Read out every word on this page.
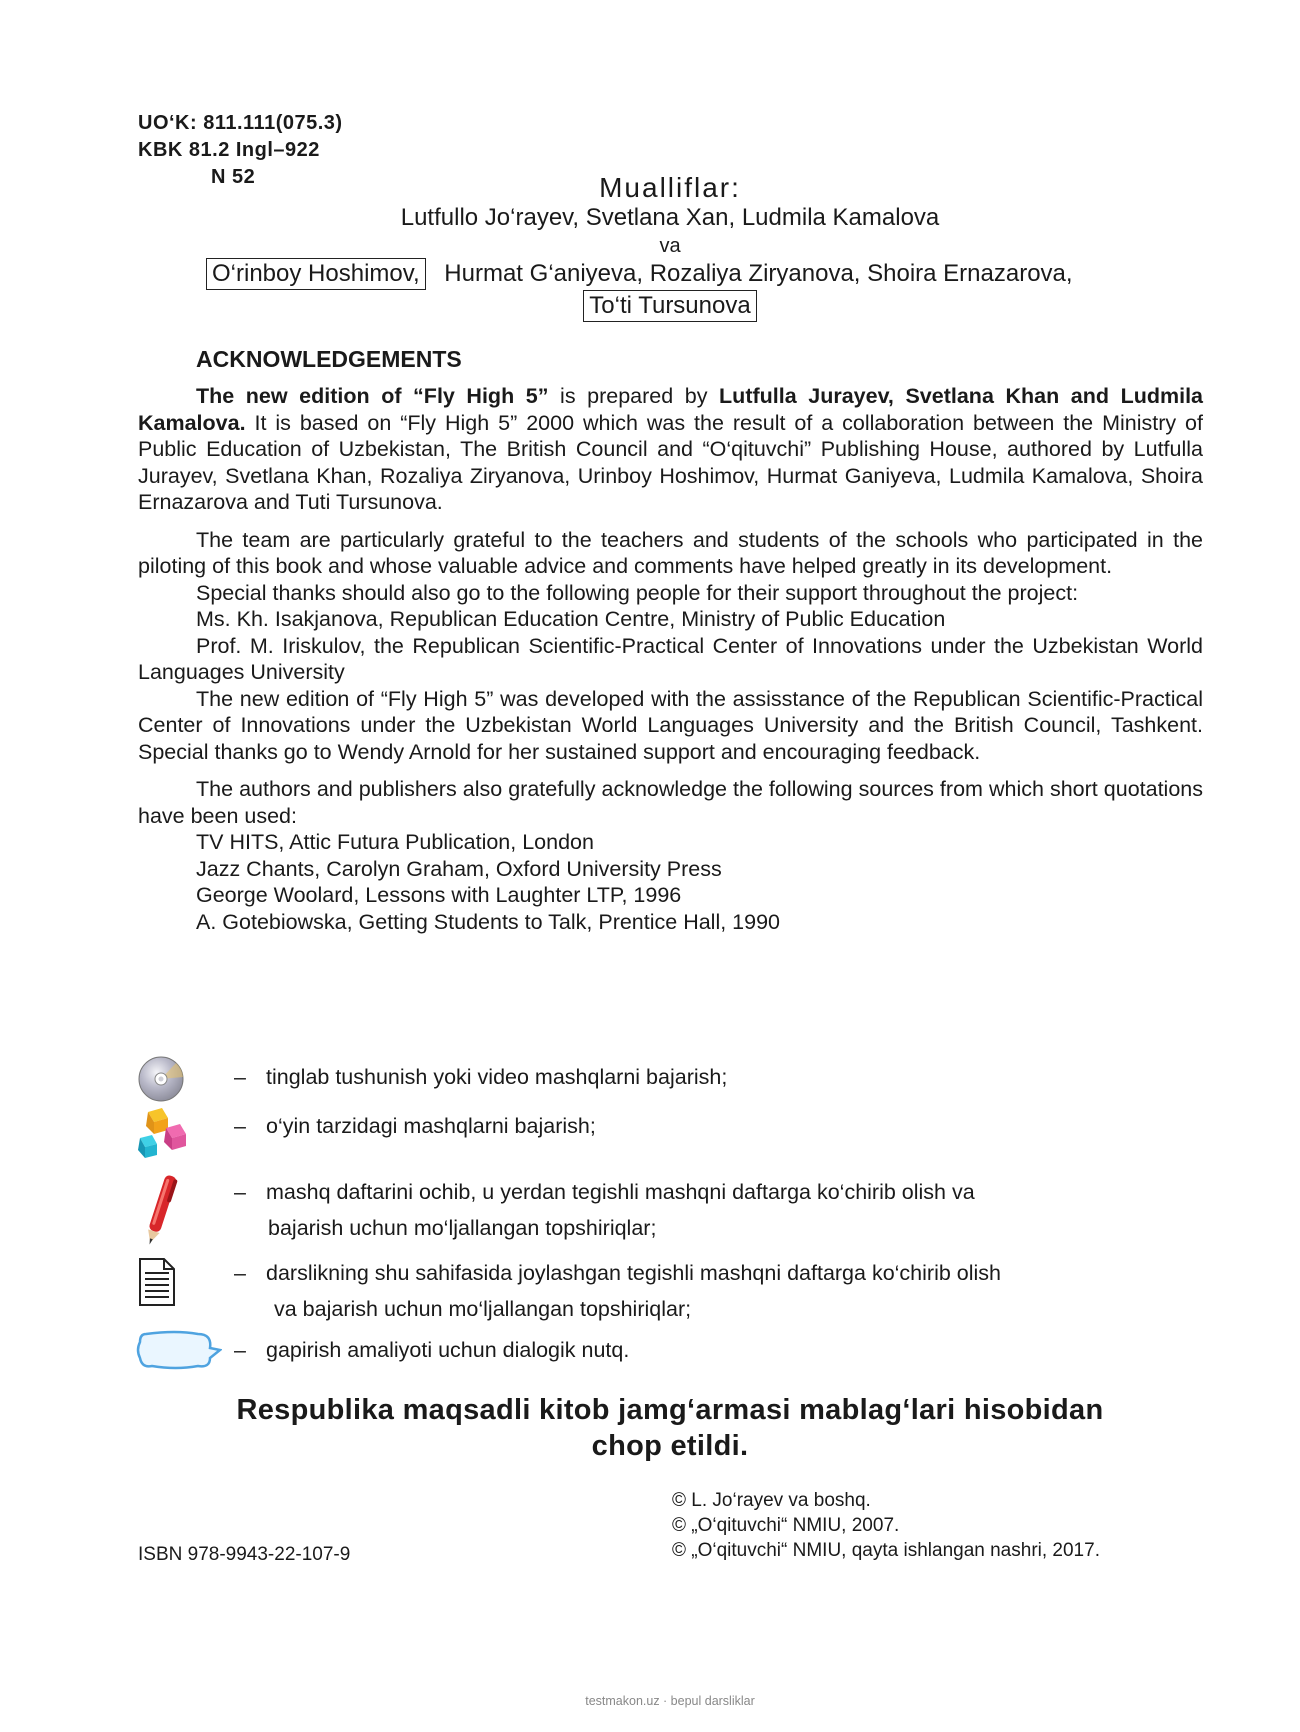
UO‘K: 811.111(075.3)
KBK 81.2 Ingl–922
N 52	Mualliflar:
Lutfullo Jo‘rayev, Svetlana Xan, Ludmila Kamalova
va
O‘rinboy Hoshimov, Hurmat G‘aniyeva, Rozaliya Ziryanova, Shoira Ernazarova,
To‘ti Tursunova
ACKNOWLEDGEMENTS

The new edition of “Fly High 5” is prepared by Lutfulla Jurayev, Svetlana Khan and Ludmila Kamalova. It is based on “Fly High 5” 2000 which was the result of a collaboration between the Ministry of Public Education of Uzbekistan, The British Council and “O‘qituvchi” Publishing House, authored by Lutfulla Jurayev, Svetlana Khan, Rozaliya Ziryanova, Urinboy Hoshimov, Hurmat Ganiyeva, Ludmila Kamalova, Shoira Ernazarova and Tuti Tursunova.

The team are particularly grateful to the teachers and students of the schools who participated in the piloting of this book and whose valuable advice and comments have helped greatly in its development.

Special thanks should also go to the following people for their support throughout the project:

Ms. Kh. Isakjanova, Republican Education Centre, Ministry of Public Education

Prof. M. Iriskulov, the Republican Scientific-Practical Center of Innovations under the Uzbekistan World Languages University

The new edition of “Fly High 5” was developed with the assisstance of the Republican Scientific-Practical Center of Innovations under the Uzbekistan World Languages University and the British Council, Tashkent. Special thanks go to Wendy Arnold for her sustained support and encouraging feedback.

The authors and publishers also gratefully acknowledge the following sources from which short quotations have been used:

TV HITS, Attic Futura Publication, London
Jazz Chants, Carolyn Graham, Oxford University Press
George Woolard, Lessons with Laughter LTP, 1996
A. Gotebiowska, Getting Students to Talk, Prentice Hall, 1990
– tinglab tushunish yoki video mashqlarni bajarish;
– o‘yin tarzidagi mashqlarni bajarish;
– mashq daftarini ochib, u yerdan tegishli mashqni daftarga ko‘chirib olish va
bajarish uchun mo‘ljallangan topshiriqlar;
– darslikning shu sahifasida joylashgan tegishli mashqni daftarga ko‘chirib olish
va bajarish uchun mo‘ljallangan topshiriqlar;
– gapirish amaliyoti uchun dialogik nutq.
Respublika maqsadli kitob jamg‘armasi mablag‘lari hisobidan
chop etildi.
ISBN 978-9943-22-107-9
© L. Jo‘rayev va boshq.
© „O‘qituvchi“ NMIU, 2007.
© „O‘qituvchi“ NMIU, qayta ishlangan nashri, 2017.
testmakon.uz · bepul darsliklar
